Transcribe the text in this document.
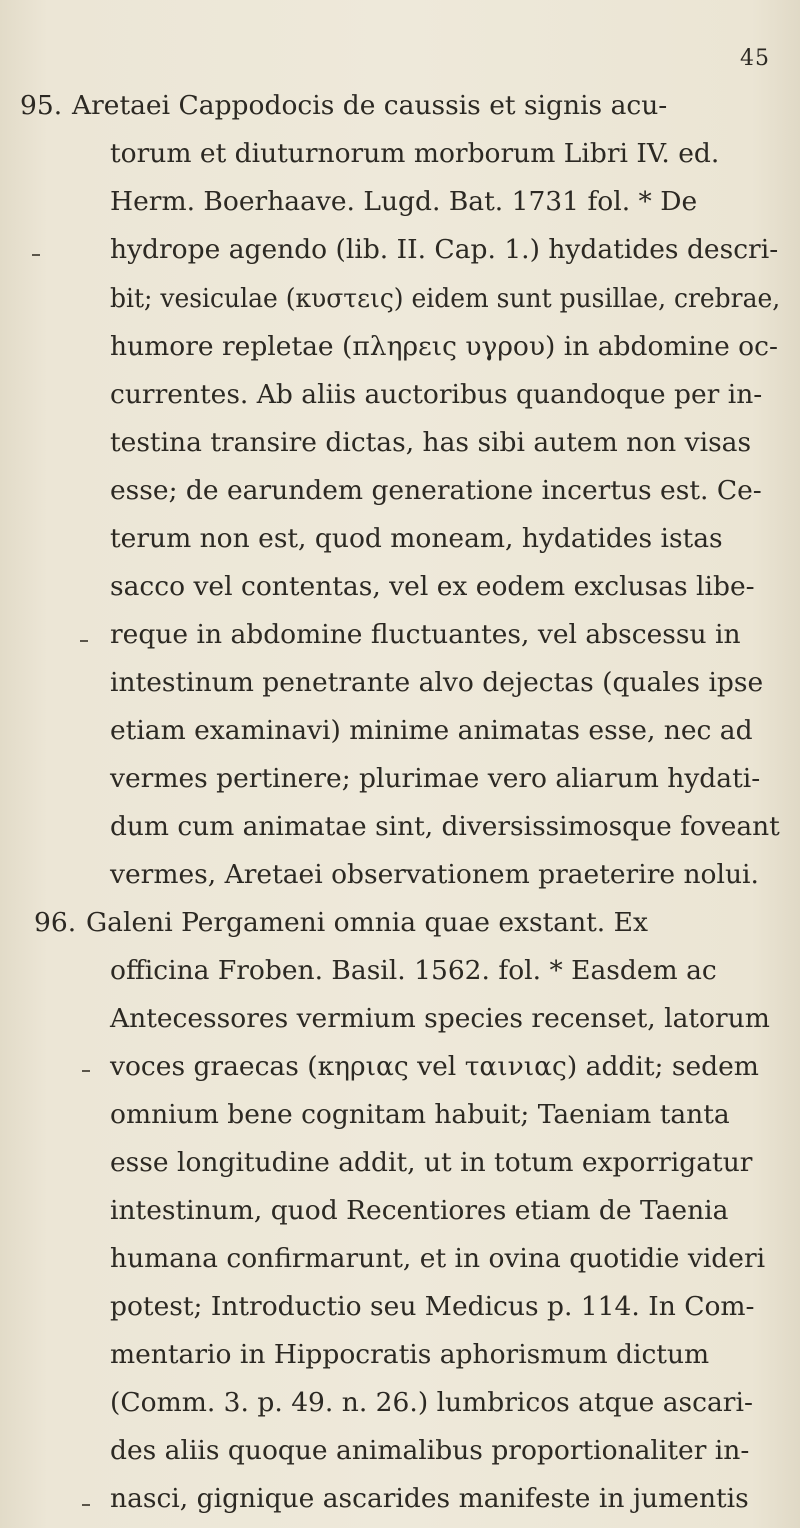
45
95. Aretaei Cappodocis de caussis et signis acu-
torum et diuturnorum morborum Libri IV. ed.
Herm. Boerhaave. Lugd. Bat. 1731 fol. * De
hydrope agendo (lib. II. Cap. 1.) hydatides descri-
bit; vesiculae (κυστεις) eidem sunt pusillae, crebrae,
humore repletae (πληρεις υγρου) in abdomine oc-
currentes. Ab aliis auctoribus quandoque per in-
testina transire dictas, has sibi autem non visas
esse; de earundem generatione incertus est. Ce-
terum non est, quod moneam, hydatides istas
sacco vel contentas, vel ex eodem exclusas libe-
reque in abdomine fluctuantes, vel abscessu in
intestinum penetrante alvo dejectas (quales ipse
etiam examinavi) minime animatas esse, nec ad
vermes pertinere; plurimae vero aliarum hydati-
dum cum animatae sint, diversissimosque foveant
vermes, Aretaei observationem praeterire nolui.
96. Galeni Pergameni omnia quae exstant. Ex
officina Froben. Basil. 1562. fol. * Easdem ac
Antecessores vermium species recenset, latorum
voces graecas (κηριας vel ταινιας) addit; sedem
omnium bene cognitam habuit; Taeniam tanta
esse longitudine addit, ut in totum exporrigatur
intestinum, quod Recentiores etiam de Taenia
humana confirmarunt, et in ovina quotidie videri
potest; Introductio seu Medicus p. 114. In Com-
mentario in Hippocratis aphorismum dictum
(Comm. 3. p. 49. n. 26.) lumbricos atque ascari-
des aliis quoque animalibus proportionaliter in-
nasci, gignique ascarides manifeste in jumentis
